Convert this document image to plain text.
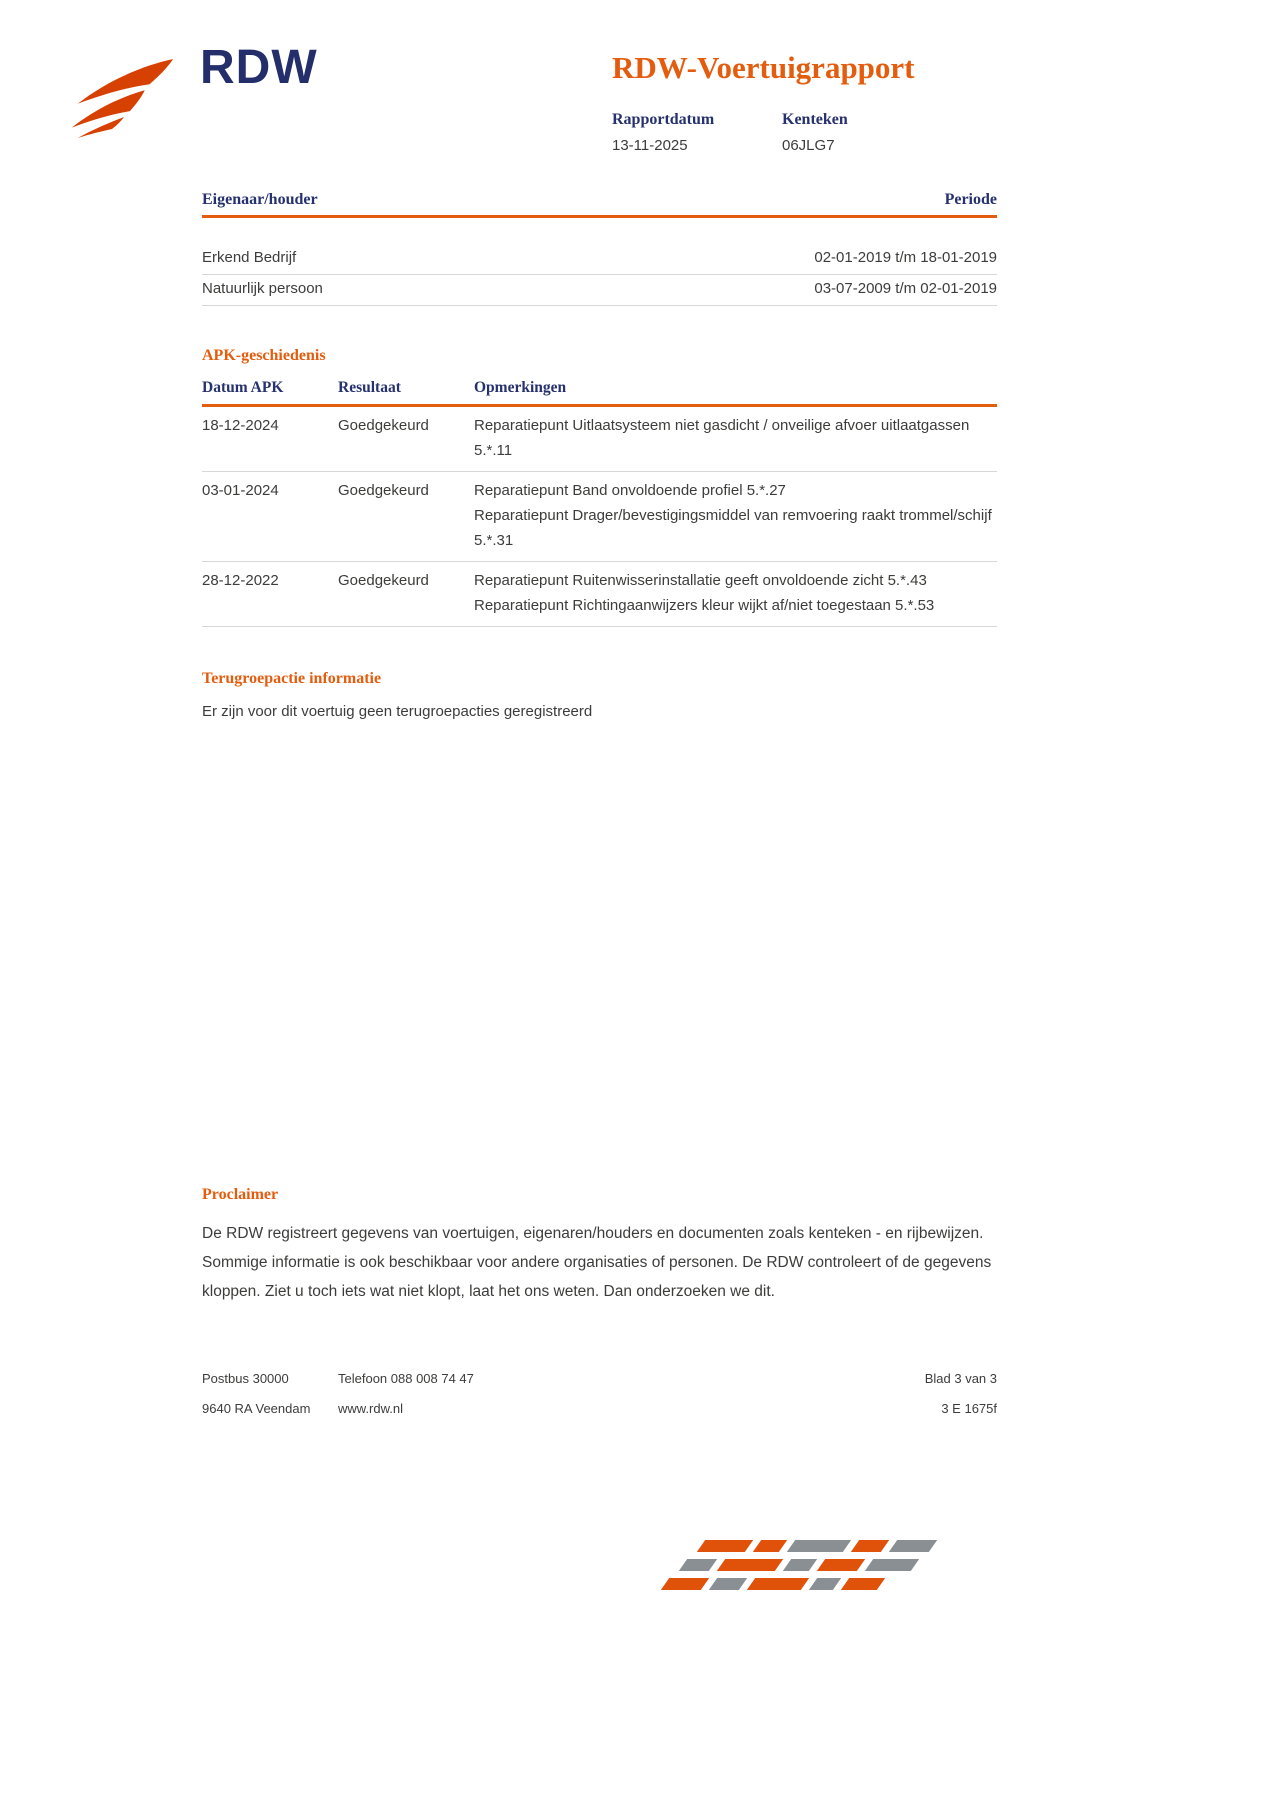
RDW	RDW-Voertuigrapport
Rapportdatum
13-11-2025
Kenteken
06JLG7
Eigenaar/houder	Periode
Erkend Bedrijf	02-01-2019 t/m 18-01-2019
Natuurlijk persoon	03-07-2009 t/m 02-01-2019
APK-geschiedenis
Datum APK	Resultaat	Opmerkingen
18-12-2024	Goedgekeurd	Reparatiepunt Uitlaatsysteem niet gasdicht / onveilige afvoer uitlaatgassen 5.*.11
03-01-2024	Goedgekeurd	Reparatiepunt Band onvoldoende profiel 5.*.27
Reparatiepunt Drager/bevestigingsmiddel van remvoering raakt trommel/schijf 5.*.31
28-12-2022	Goedgekeurd	Reparatiepunt Ruitenwisserinstallatie geeft onvoldoende zicht 5.*.43
Reparatiepunt Richtingaanwijzers kleur wijkt af/niet toegestaan 5.*.53
Terugroepactie informatie

Er zijn voor dit voertuig geen terugroepacties geregistreerd

Proclaimer

De RDW registreert gegevens van voertuigen, eigenaren/houders en documenten zoals kenteken - en rijbewijzen. Sommige informatie is ook beschikbaar voor andere organisaties of personen. De RDW controleert of de gegevens kloppen. Ziet u toch iets wat niet klopt, laat het ons weten. Dan onderzoeken we dit.

Postbus 30000	Telefoon 088 008 74 47	Blad 3 van 3
9640 RA Veendam	www.rdw.nl	3 E 1675f
